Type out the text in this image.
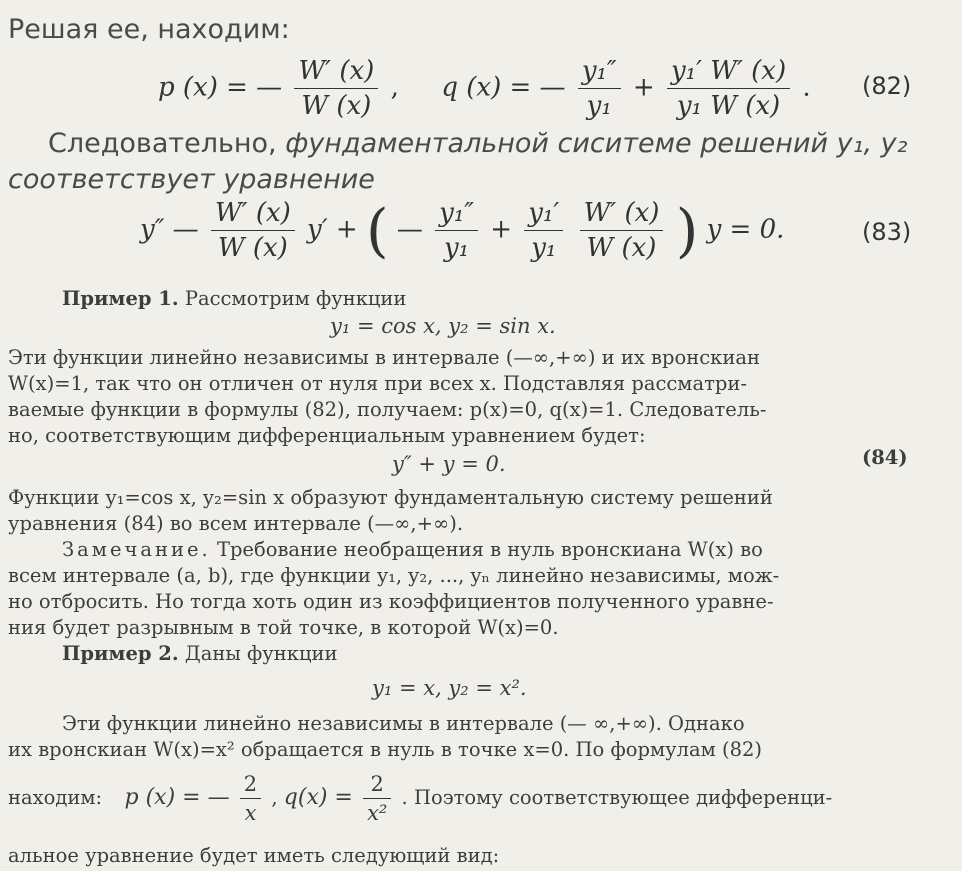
Решая ее, находим:
p (x) = — $\frac{W' (x)}{W (x)}$ , q (x) = — $\frac{\text{y₁″}}{\text{y₁}} + \frac{\text{y₁′ W′ (x)}}{\text{y₁ W (x)}}$ . (82)
Следовательно, фундаментальной сиситеме решений y₁, y₂
соответствует уравнение
y″ — $\frac{W' (x)}{W (x)} y'$ + ( — $\frac{\text{y₁″}}{\text{y₁}} + \frac{\text{y₁′}}{\text{y₁}}$
$\frac{W' (x)}{W (x)}$ ) y = 0.	(83)
Пример 1. Рассмотрим функции
y₁ = cos x, y₂ = sin x.
Эти функции линейно независимы в интервале (—∞,+∞) и их вронскиан
W(x)=1, так что он отличен от нуля при всех x. Подставляя рассматри-
ваемые функции в формулы (82), получаем: p(x)=0, q(x)=1. Следователь-
но, соответствующим дифференциальным уравнением будет:
y″ + y = 0.	(84)
Функции y₁=cos x, y₂=sin x образуют фундаментальную систему решений
уравнения (84) во всем интервале (—∞,+∞).
Замечание. Требование необращения в нуль вронскиана W(x) во
всем интервале (a, b), где функции y₁, y₂, ..., yₙ линейно независимы, мож-
но отбросить. Но тогда хоть один из коэффициентов полученного уравне-
ния будет разрывным в той точке, в которой W(x)=0.
Пример 2. Даны функции
y₁ = x, y₂ = x².
Эти функции линейно независимы в интервале (— ∞,+∞). Однако
их вронскиан W(x)=x² обращается в нуль в точке x=0. По формулам (82)
находим: p (x) = — $\frac{2}{x}$ , $q(x) = \frac{2}{\text{x²}}$ . Поэтому соответствующее дифференци-
альное уравнение будет иметь следующий вид:
